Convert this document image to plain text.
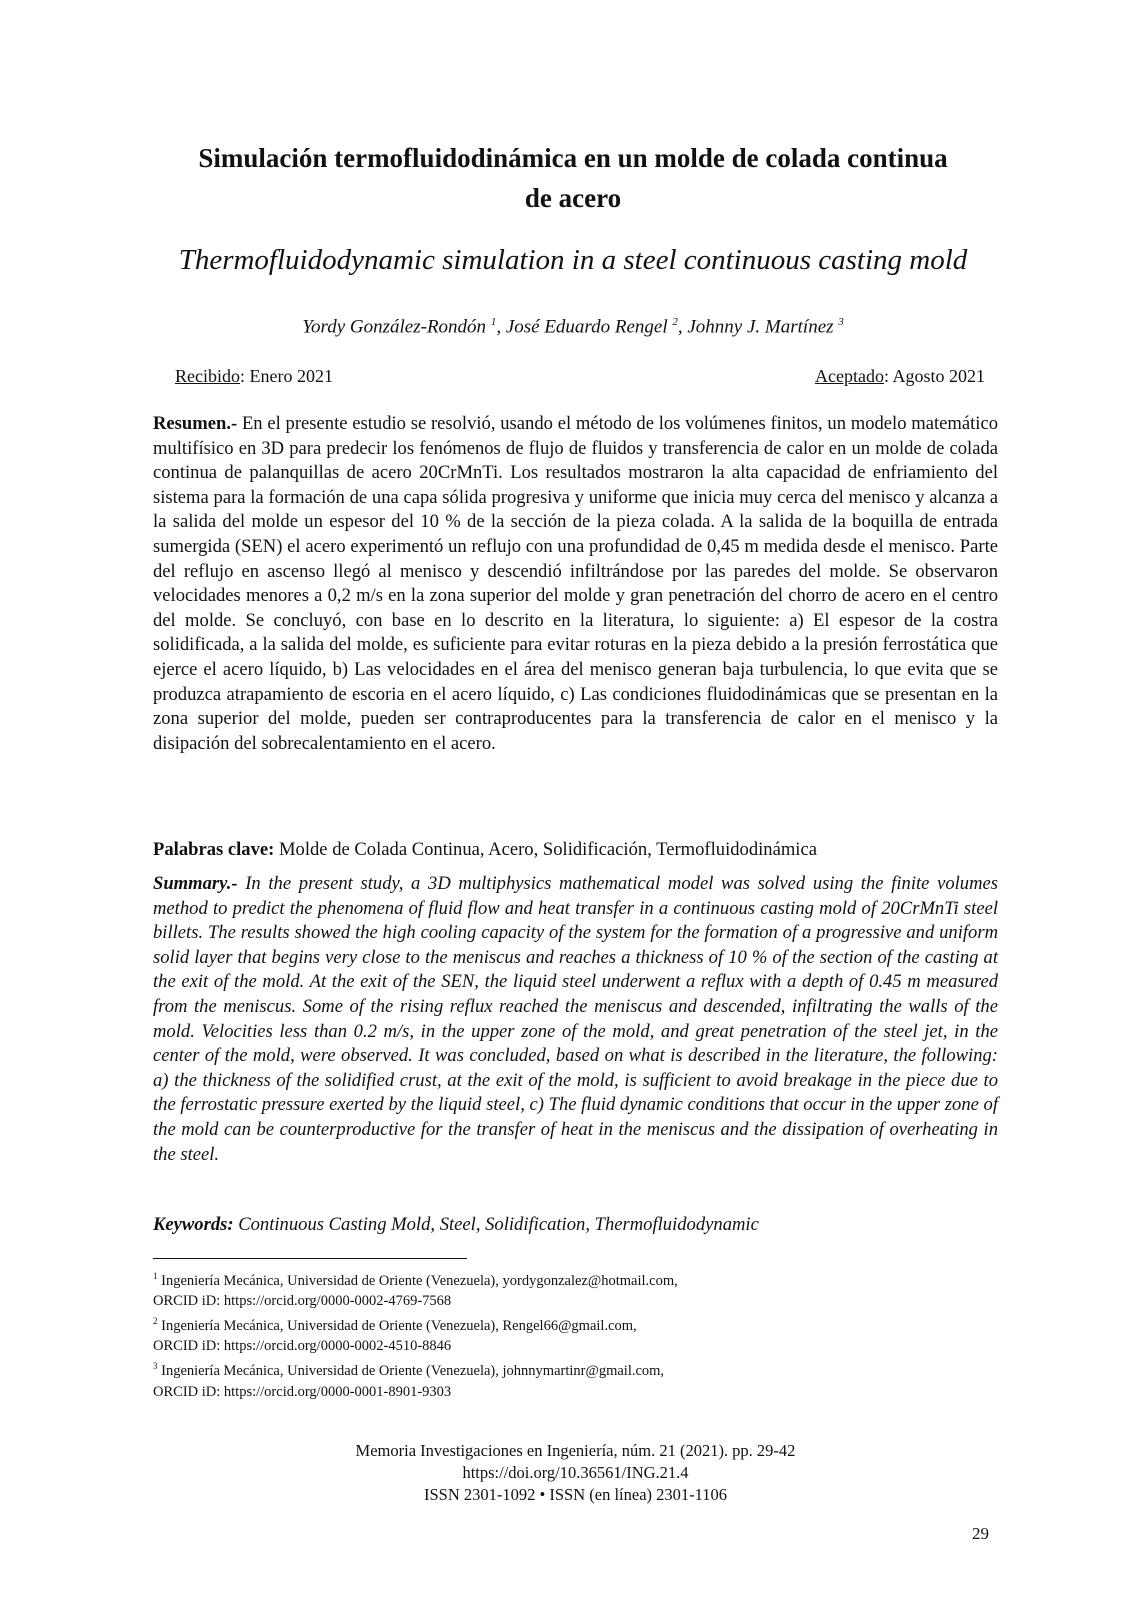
Simulación termofluidodinámica en un molde de colada continua
de acero
Thermofluidodynamic simulation in a steel continuous casting mold
Yordy González-Rondón $^1$, José Eduardo Rengel $^2$, Johnny J. Martínez $^3$
Recibido: Enero 2021	Aceptado: Agosto 2021
Resumen.- En el presente estudio se resolvió, usando el método de los volúmenes finitos, un modelo matemático multifísico en 3D para predecir los fenómenos de flujo de fluidos y transferencia de calor en un molde de colada continua de palanquillas de acero 20CrMnTi. Los resultados mostraron la alta capacidad de enfriamiento del sistema para la formación de una capa sólida progresiva y uniforme que inicia muy cerca del menisco y alcanza a la salida del molde un espesor del 10 % de la sección de la pieza colada. A la salida de la boquilla de entrada sumergida (SEN) el acero experimentó un reflujo con una profundidad de 0,45 m medida desde el menisco. Parte del reflujo en ascenso llegó al menisco y descendió infiltrándose por las paredes del molde. Se observaron velocidades menores a 0,2 m/s en la zona superior del molde y gran penetración del chorro de acero en el centro del molde. Se concluyó, con base en lo descrito en la literatura, lo siguiente: a) El espesor de la costra solidificada, a la salida del molde, es suficiente para evitar roturas en la pieza debido a la presión ferrostática que ejerce el acero líquido, b) Las velocidades en el área del menisco generan baja turbulencia, lo que evita que se produzca atrapamiento de escoria en el acero líquido, c) Las condiciones fluidodinámicas que se presentan en la zona superior del molde, pueden ser contraproducentes para la transferencia de calor en el menisco y la disipación del sobrecalentamiento en el acero.
Palabras clave: Molde de Colada Continua, Acero, Solidificación, Termofluidodinámica
Summary.- In the present study, a 3D multiphysics mathematical model was solved using the finite volumes method to predict the phenomena of fluid flow and heat transfer in a continuous casting mold of 20CrMnTi steel billets. The results showed the high cooling capacity of the system for the formation of a progressive and uniform solid layer that begins very close to the meniscus and reaches a thickness of 10 % of the section of the casting at the exit of the mold. At the exit of the SEN, the liquid steel underwent a reflux with a depth of 0.45 m measured from the meniscus. Some of the rising reflux reached the meniscus and descended, infiltrating the walls of the mold. Velocities less than 0.2 m/s, in the upper zone of the mold, and great penetration of the steel jet, in the center of the mold, were observed. It was concluded, based on what is described in the literature, the following: a) the thickness of the solidified crust, at the exit of the mold, is sufficient to avoid breakage in the piece due to the ferrostatic pressure exerted by the liquid steel, c) The fluid dynamic conditions that occur in the upper zone of the mold can be counterproductive for the transfer of heat in the meniscus and the dissipation of overheating in the steel.
Keywords: Continuous Casting Mold, Steel, Solidification, Thermofluidodynamic
$^1$ Ingeniería Mecánica, Universidad de Oriente (Venezuela), yordygonzalez@hotmail.com,
ORCID iD: https://orcid.org/0000-0002-4769-7568
$^2$ Ingeniería Mecánica, Universidad de Oriente (Venezuela), Rengel66@gmail.com,
ORCID iD: https://orcid.org/0000-0002-4510-8846
$^3$ Ingeniería Mecánica, Universidad de Oriente (Venezuela), johnnymartinr@gmail.com,
ORCID iD: https://orcid.org/0000-0001-8901-9303
Memoria Investigaciones en Ingeniería, núm. 21 (2021). pp. 29-42
https://doi.org/10.36561/ING.21.4
ISSN 2301-1092 • ISSN (en línea) 2301-1106
29
